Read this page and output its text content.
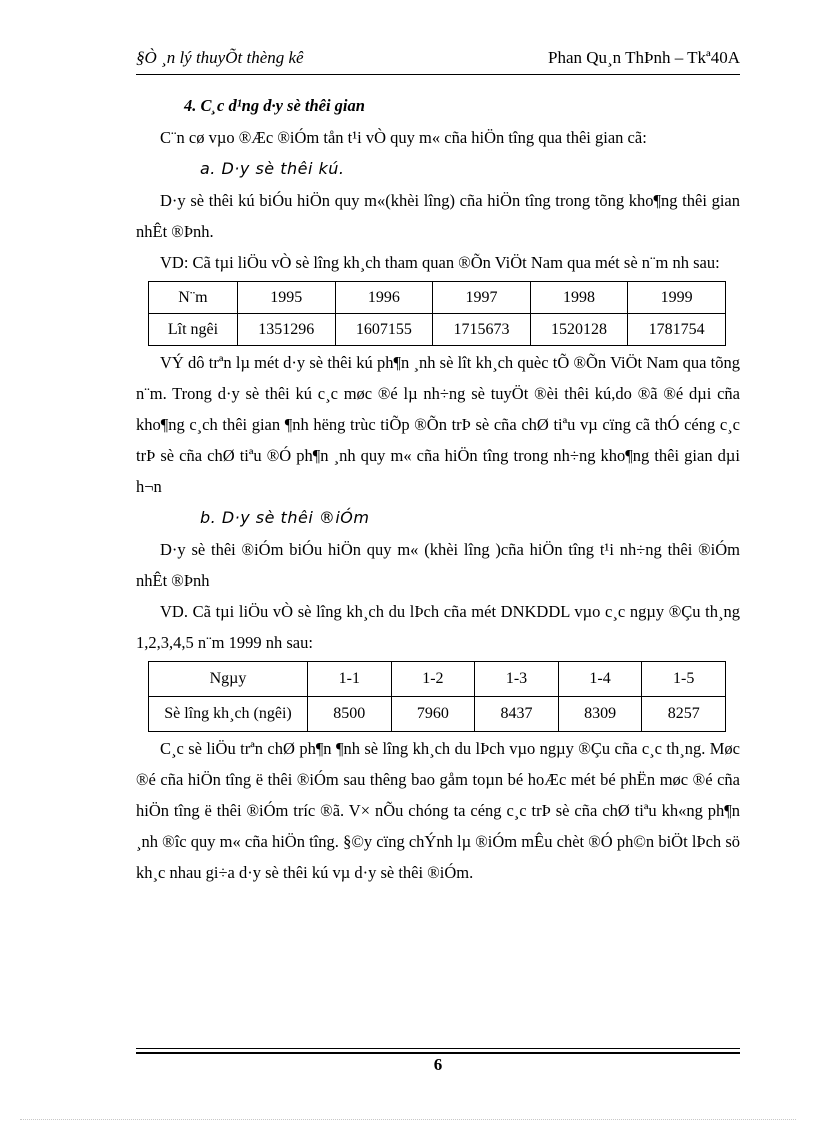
§Ò ¸n lý thuyÕt thèng kê	Phan Qu¸n ThÞnh – Tkª40A

4. C¸c d¹ng d·y sè thêi gian

C¨n cø vµo ®Æc ®iÓm tån t¹i vÒ quy m« cña hiÖn tîng qua thêi gian cã:

a. D·y sè thêi kú.

D·y sè thêi kú biÓu hiÖn quy m«(khèi lîng) cña hiÖn tîng trong tõng kho¶ng thêi gian nhÊt ®Þnh.

VD: Cã tµi liÖu vÒ sè lîng kh¸ch tham quan ®Õn ViÖt Nam qua mét sè n¨m nh sau:

N¨m	1995	1996	1997	1998	1999
Lît ngêi	1351296	1607155	1715673	1520128	1781754

VÝ dô trªn lµ mét d·y sè thêi kú ph¶n ¸nh sè lît kh¸ch quèc tÕ ®Õn ViÖt Nam qua tõng n¨m. Trong d·y sè thêi kú c¸c møc ®é lµ nh÷ng sè tuyÖt ®èi thêi kú,do ®ã ®é dµi cña kho¶ng c¸ch thêi gian ¶nh hëng trùc tiÕp ®Õn trÞ sè cña chØ tiªu vµ cïng cã thÓ céng c¸c trÞ sè cña chØ tiªu ®Ó ph¶n ¸nh quy m« cña hiÖn tîng trong nh÷ng kho¶ng thêi gian dµi h¬n

b. D·y sè thêi ®iÓm

D·y sè thêi ®iÓm biÓu hiÖn quy m« (khèi lîng )cña hiÖn tîng t¹i nh÷ng thêi ®iÓm nhÊt ®Þnh

VD. Cã tµi liÖu vÒ sè lîng kh¸ch du lÞch cña mét DNKDDL vµo c¸c ngµy ®Çu th¸ng 1,2,3,4,5 n¨m 1999 nh sau:

Ngµy	1-1	1-2	1-3	1-4	1-5
Sè lîng kh¸ch (ngêi)	8500	7960	8437	8309	8257

C¸c sè liÖu trªn chØ ph¶n ¶nh sè lîng kh¸ch du lÞch vµo ngµy ®Çu cña c¸c th¸ng. Møc ®é cña hiÖn tîng ë thêi ®iÓm sau thêng bao gåm toµn bé hoÆc mét bé phËn møc ®é cña hiÖn tîng ë thêi ®iÓm tríc ®ã. V× nÕu chóng ta céng c¸c trÞ sè cña chØ tiªu kh«ng ph¶n ¸nh ®îc quy m« cña hiÖn tîng. §©y cïng chÝnh lµ ®iÓm mÊu chèt ®Ó ph©n biÖt lÞch sö kh¸c nhau gi÷a d·y sè thêi kú vµ d·y sè thêi ®iÓm.

6
